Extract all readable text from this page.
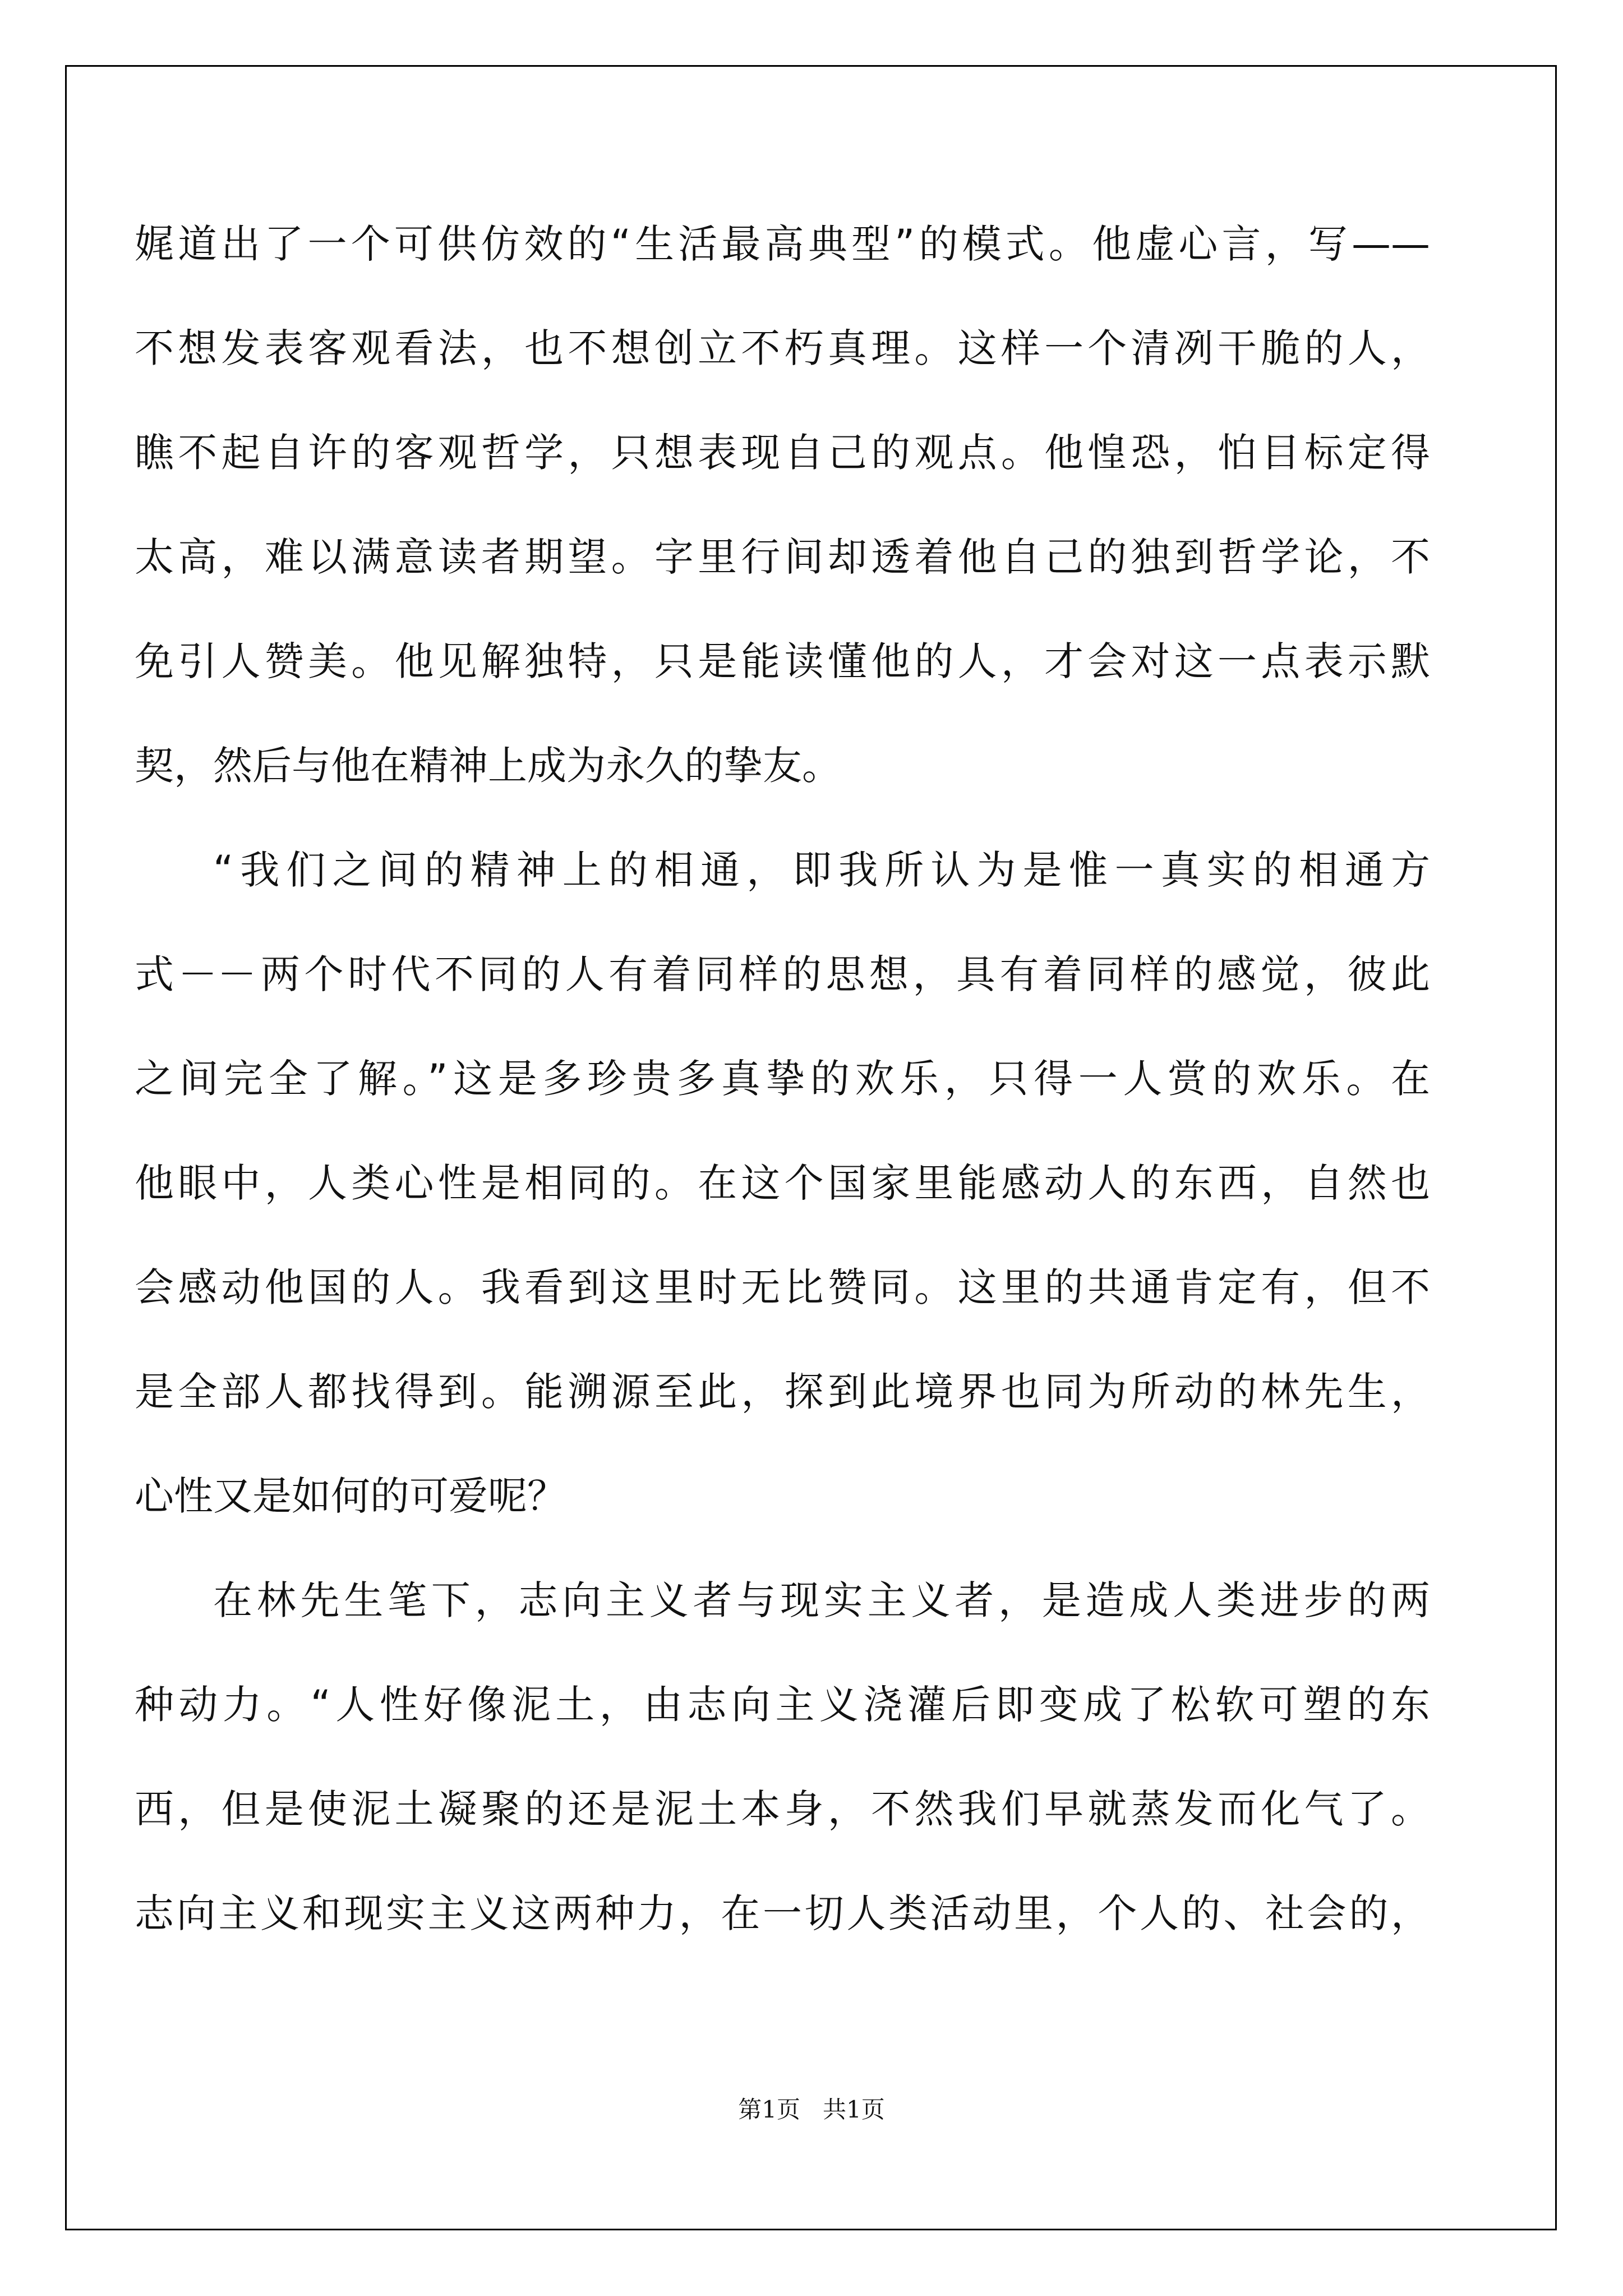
娓道出了一个可供仿效的“生活最高典型”的模式。他虚心言，写——
不想发表客观看法，也不想创立不朽真理。这样一个清冽干脆的人，
瞧不起自许的客观哲学，只想表现自己的观点。他惶恐，怕目标定得
太高，难以满意读者期望。字里行间却透着他自己的独到哲学论，不
免引人赞美。他见解独特，只是能读懂他的人，才会对这一点表示默
契，然后与他在精神上成为永久的挚友。
“我们之间的精神上的相通，即我所认为是惟一真实的相通方
式－－两个时代不同的人有着同样的思想，具有着同样的感觉，彼此
之间完全了解。”这是多珍贵多真挚的欢乐，只得一人赏的欢乐。在
他眼中，人类心性是相同的。在这个国家里能感动人的东西，自然也
会感动他国的人。我看到这里时无比赞同。这里的共通肯定有，但不
是全部人都找得到。能溯源至此，探到此境界也同为所动的林先生，
心性又是如何的可爱呢？
在林先生笔下，志向主义者与现实主义者，是造成人类进步的两
种动力。“人性好像泥土，由志向主义浇灌后即变成了松软可塑的东
西，但是使泥土凝聚的还是泥土本身，不然我们早就蒸发而化气了。
志向主义和现实主义这两种力，在一切人类活动里，个人的、社会的，
第1页   共1页
